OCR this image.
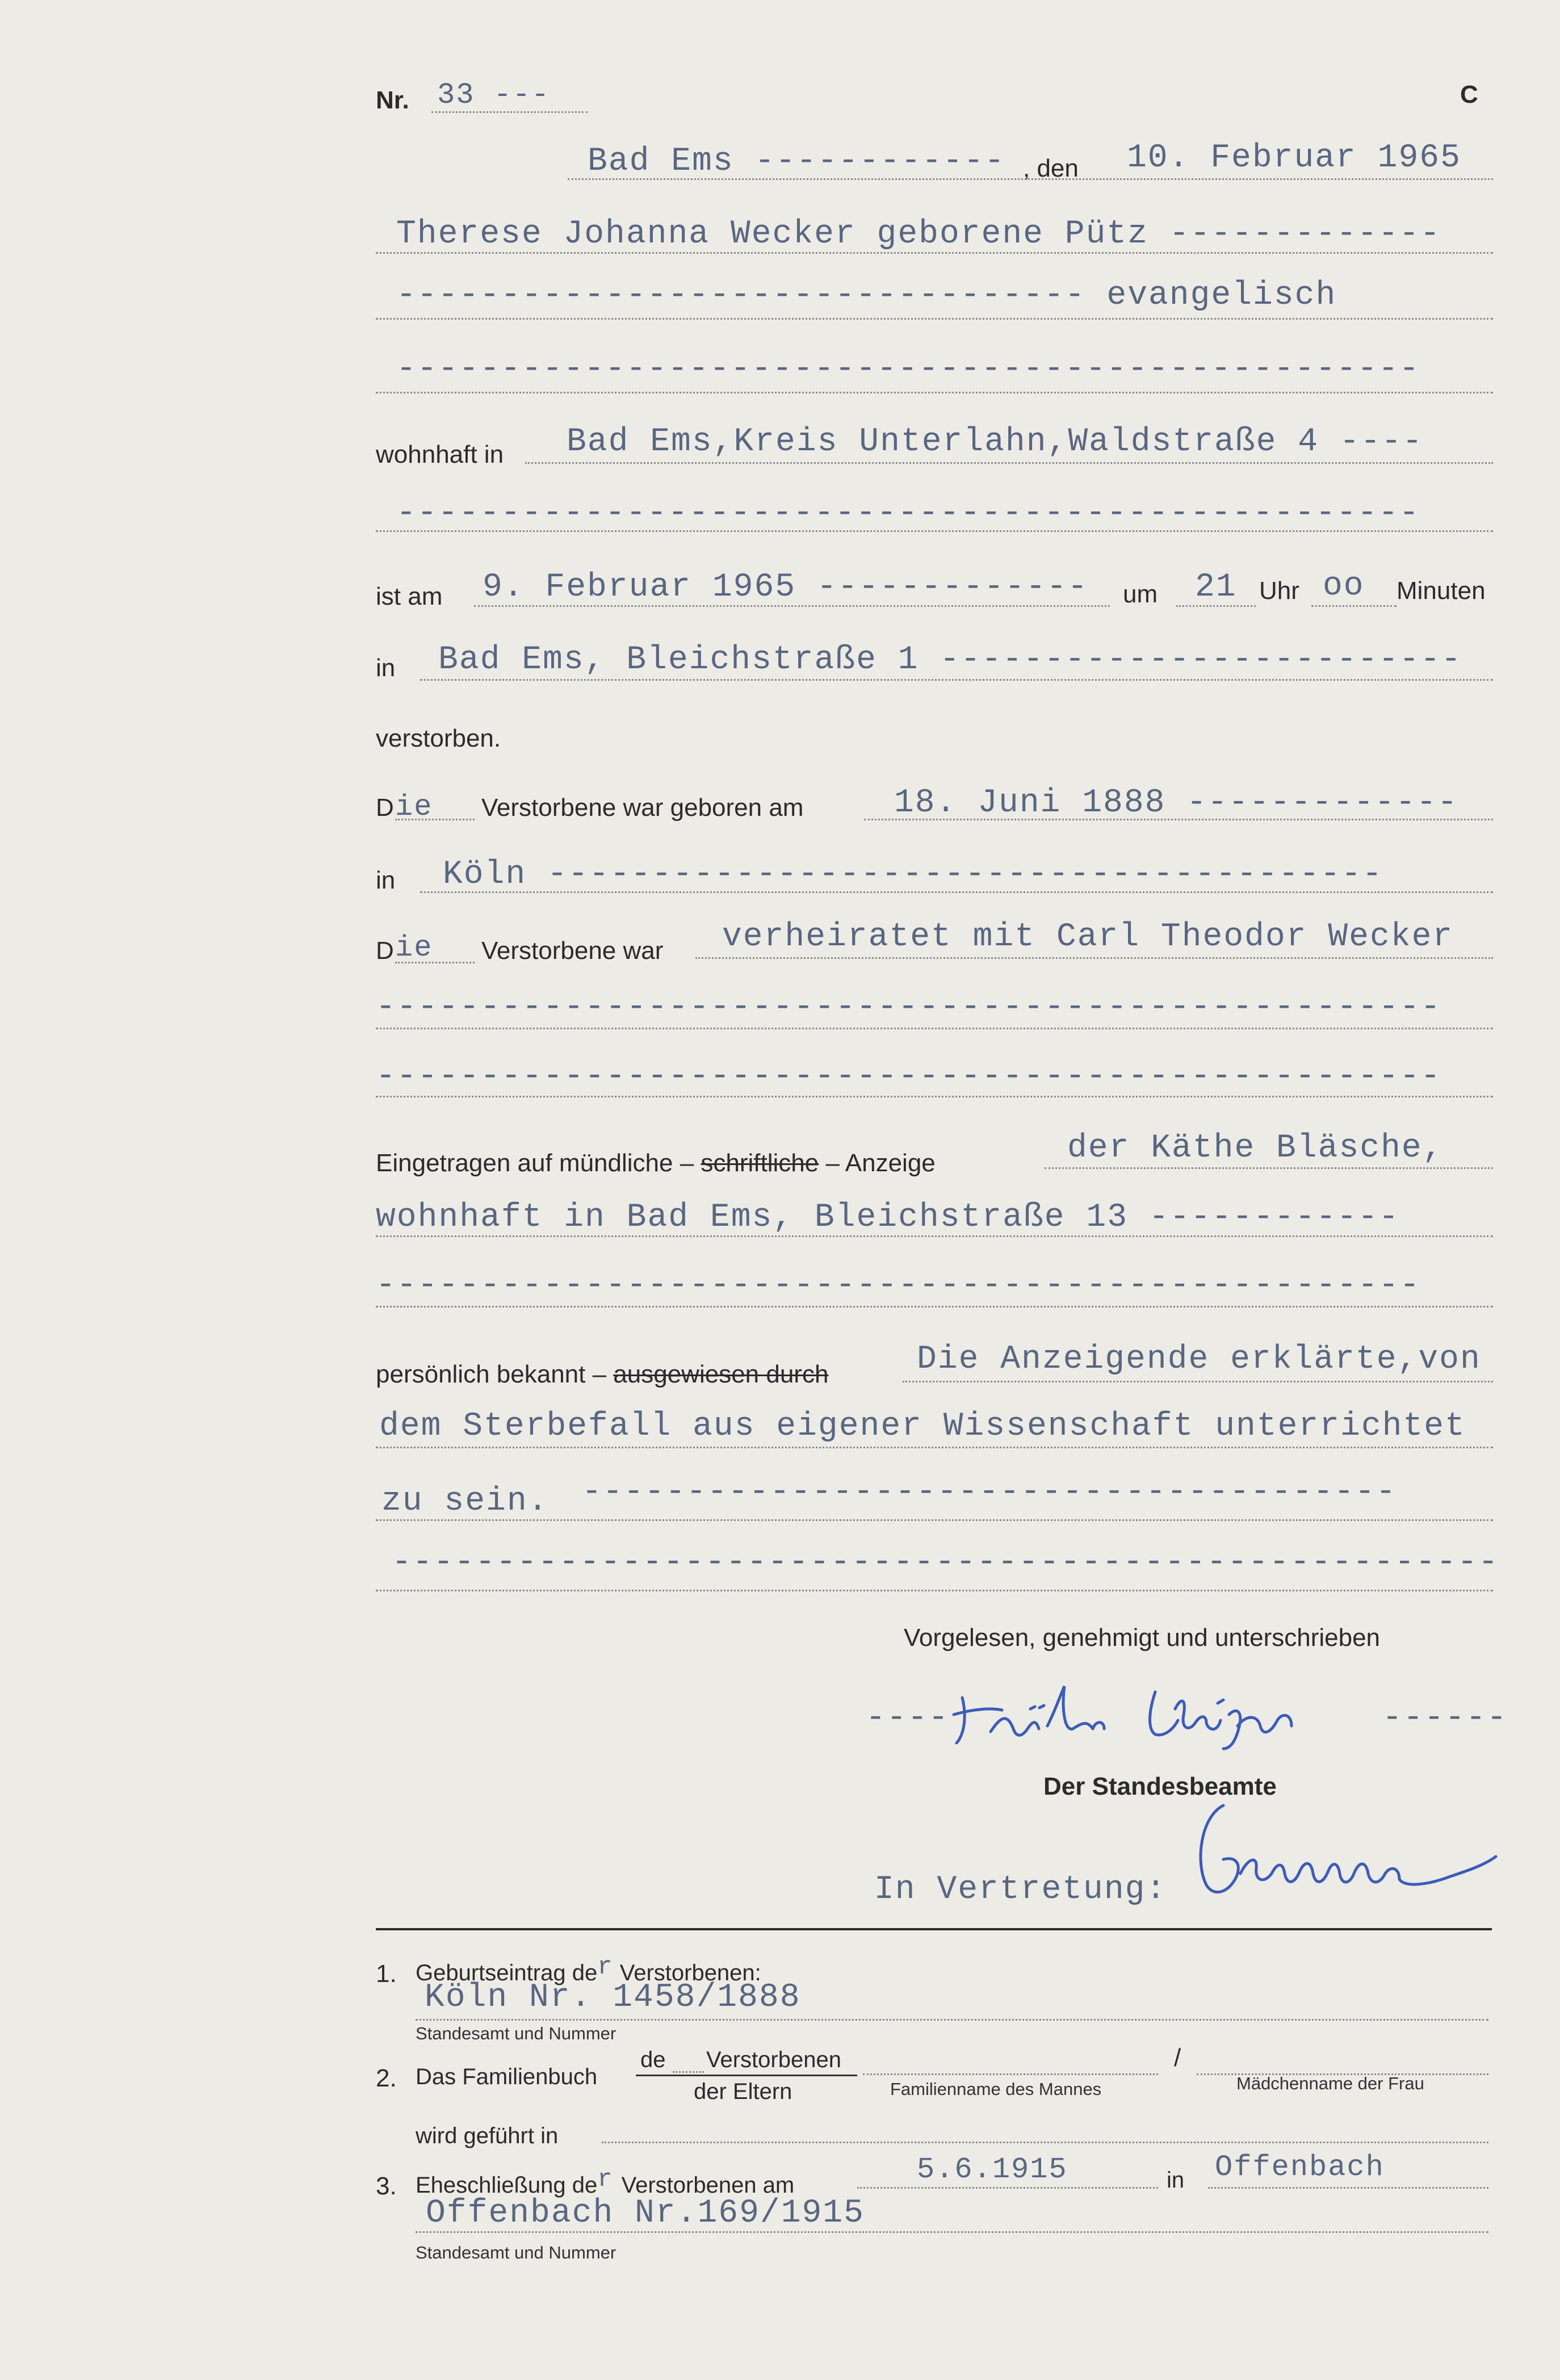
Nr. 33 ---	C
Bad Ems ------------ , den 10. Februar 1965
Therese Johanna Wecker geborene Pütz -------------
--------------------------------- evangelisch
-------------------------------------------------
wohnhaft in Bad Ems,Kreis Unterlahn,Waldstraße 4 ----
-------------------------------------------------
ist am 9. Februar 1965 ------------- um 21 Uhr oo Minuten
in Bad Ems, Bleichstraße 1 -------------------------
verstorben.
D ie Verstorbene war geboren am	18. Juni 1888 -------------
in Köln ----------------------------------------
D ie Verstorbene war verheiratet mit Carl Theodor Wecker
---------------------------------------------------
---------------------------------------------------
Eingetragen auf mündliche – schriftliche – Anzeige	der Käthe Bläsche,
wohnhaft in Bad Ems, Bleichstraße 13 ------------
--------------------------------------------------
persönlich bekannt – ausgewiesen durch	Die Anzeigende erklärte,von
dem Sterbefall aus eigener Wissenschaft unterrichtet
zu sein. ---------------------------------------
-----------------------------------------------------
Vorgelesen, genehmigt und unterschrieben
----	------
Der Standesbeamte
In Vertretung:
1. Geburtseintrag der Verstorbenen:
Köln Nr. 1458/1888
Standesamt und Nummer
2. Das Familienbuch
de Verstorbenen
der Eltern	Familienname des Mannes
/
Mädchenname der Frau
wird geführt in
3. Eheschließung der Verstorbenen am	5.6.1915	in Offenbach
Offenbach Nr.169/1915
Standesamt und Nummer
